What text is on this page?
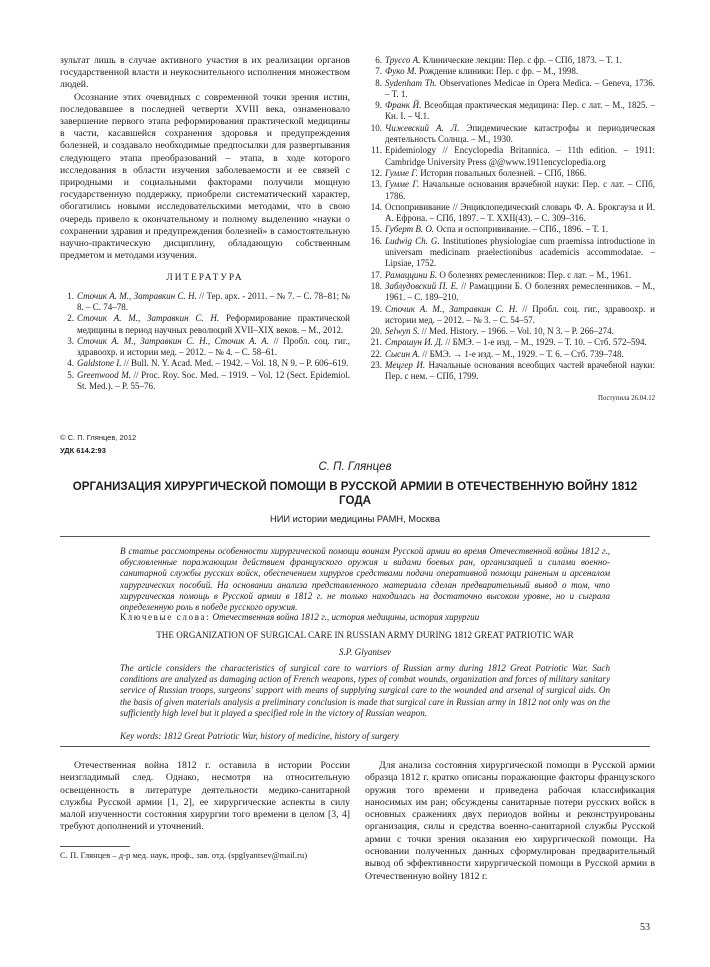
зультат лишь в случае активного участия в их реализации органов государственной власти и неукоснительного исполнения множеством людей.

Осознание этих очевидных с современной точки зрения истин, последовавшее в последней четверти XVIII века, ознаменовало завершение первого этапа реформирования практической медицины в части, касавшейся сохранения здоровья и предупреждения болезней, и создавало необходимые предпосылки для развертывания следующего этапа преобразований – этапа, в ходе которого исследования в области изучения заболеваемости и ее связей с природными и социальными факторами получили мощную государственную поддержку, приобрели систематический характер, обогатились новыми исследовательскими методами, что в свою очередь привело к окончательному и полному выделению «науки о сохранении здравия и предупреждения болезней» в самостоятельную научно-практическую дисциплину, обладающую собственным предметом и методами изучения.

ЛИТЕРАТУРА
1. Сточик А. М., Затравкин С. Н. // Тер. арх. - 2011. – № 7. – С. 78–81; № 8. – С. 74–78.
2. Сточик А. М., Затравкин С. Н. Реформирование практической медицины в период научных революций XVII–XIX веков. – М., 2012.
3. Сточик А. М., Затравкин С. Н., Сточик А. А. // Пробл. соц. гиг., здравоохр. и истории мед. – 2012. – № 4. – С. 58–61.
4. Galdstone I. // Bull. N. Y. Acad. Med. – 1942. – Vol. 18, N 9. – P. 606–619.
5. Greenwood M. // Proc. Roy. Soc. Med. – 1919. – Vol. 12 (Sect. Epidemiol. St. Med.). – P. 55–76.
6. Труссо А. Клинические лекции: Пер. с фр. – СПб, 1873. – Т. 1.
7. Фуко М. Рождение клиники: Пер. с фр. – М., 1998.
8. Sydenham Th. Observationes Medicae in Opera Medica. – Geneva, 1736. – T. 1.
9. Франк Й. Всеобщая практическая медицина: Пер. с лат. – М., 1825. – Кн. I. – Ч.1.
10. Чижевский А. Л. Эпидемические катастрофы и периодическая деятельность Солнца. – М., 1930.
11. Epidemiology // Encyclopedia Britannica. – 11th edition. – 1911: Cambridge University Press @@www.1911encyclopedia.org
12. Гумме Г. История повальных болезней. – СПб, 1866.
13. Гумме Г. Начальные основания врачебной науки: Пер. с лат. – СПб, 1786.
14. Оспопрививание // Энциклопедический словарь Ф. А. Брокгауза и И. А. Ефрона. – СПб, 1897. – Т. XXII(43). – С. 309–316.
15. Губерт В. О. Оспа и оспопрививание. – СПб., 1896. – Т. 1.
16. Ludwig Ch. G. Institutiones physiologiae cum praemissa introductione in universam medicinam praelectionibus academicis accommodatae. – Lipsiae, 1752.
17. Рамаццини Б. О болезнях ремесленников: Пер. с лат. – М., 1961.
18. Заблудовский П. Е. // Рамаццини Б. О болезнях ремесленников. – М., 1961. – С. 189–210.
19. Сточик А. М., Затравкин С. Н. // Пробл. соц. гиг., здравоохр. и истории мед. – 2012. – № 3. – С. 54–57.
20. Selwyn S. // Med. History. – 1966. – Vol. 10, N 3. – P. 266–274.
21. Страшун И. Д. // БМЭ. – 1-е изд. – М., 1929. – Т. 10. – Стб. 572–594.
22. Сысин А. // БМЭ. → 1-е изд. – М., 1929. – Т. 6. – Стб. 739–748.
23. Мецгер И. Начальные основания всеобщих частей врачебной науки: Пер. с нем. – СПб, 1799.
Поступила 26.04.12
© С. П. Глянцев, 2012
УДК 614.2:93
С. П. Глянцев
ОРГАНИЗАЦИЯ ХИРУРГИЧЕСКОЙ ПОМОЩИ В РУССКОЙ АРМИИ В ОТЕЧЕСТВЕННУЮ ВОЙНУ 1812 ГОДА
НИИ истории медицины РАМН, Москва
В статье рассмотрены особенности хирургической помощи воинам Русской армии во время Отечественной войны 1812 г., обусловленные поражающим действием французского оружия и видами боевых ран, организацией и силами военно-санитарной службы русских войск, обеспечением хирургов средствами подачи оперативной помощи раненым и арсеналом хирургических пособий. На основании анализа представленного материала сделан предварительный вывод о том, что хирургическая помощь в Русской армии в 1812 г. не только находилась на достаточно высоком уровне, но и сыграла определенную роль в победе русского оружия.
Ключевые слова: Отечественная война 1812 г., история медицины, история хирургии
THE ORGANIZATION OF SURGICAL CARE IN RUSSIAN ARMY DURING 1812 GREAT PATRIOTIC WAR
S.P. Glyantsev
The article considers the characteristics of surgical care to warriors of Russian army during 1812 Great Patriotic War. Such conditions are analyzed as damaging action of French weapons, types of combat wounds, organization and forces of military sanitary service of Russian troops, surgeons' support with means of supplying surgical care to the wounded and arsenal of surgical aids. On the basis of given materials analysis a preliminary conclusion is made that surgical care in Russian army in 1812 not only was on the sufficiently high level but it played a specified role in the victory of Russian weapon.
Key words: 1812 Great Patriotic War, history of medicine, history of surgery

Отечественная война 1812 г. оставила в истории России неизгладимый след. Однако, несмотря на относительную освещенность в литературе деятельности медико-санитарной службы Русской армии [1, 2], ее хирургические аспекты в силу малой изученности состояния хирургии того времени в целом [3, 4] требуют дополнений и уточнений.

Для анализа состояния хирургической помощи в Русской армии образца 1812 г. кратко описаны поражающие факторы французского оружия того времени и приведена рабочая классификация наносимых им ран; обсуждены санитарные потери русских войск в основных сражениях двух периодов войны и реконструированы организация, силы и средства военно-санитарной службы Русской армии с точки зрения оказания ею хирургической помощи. На основании полученных данных сформулирован предварительный вывод об эффективности хирургической помощи в Русской армии в Отечественную войну 1812 г.

С. П. Глянцев – д-р мед. наук, проф., зав. отд. (spglyantsev@mail.ru)
53
